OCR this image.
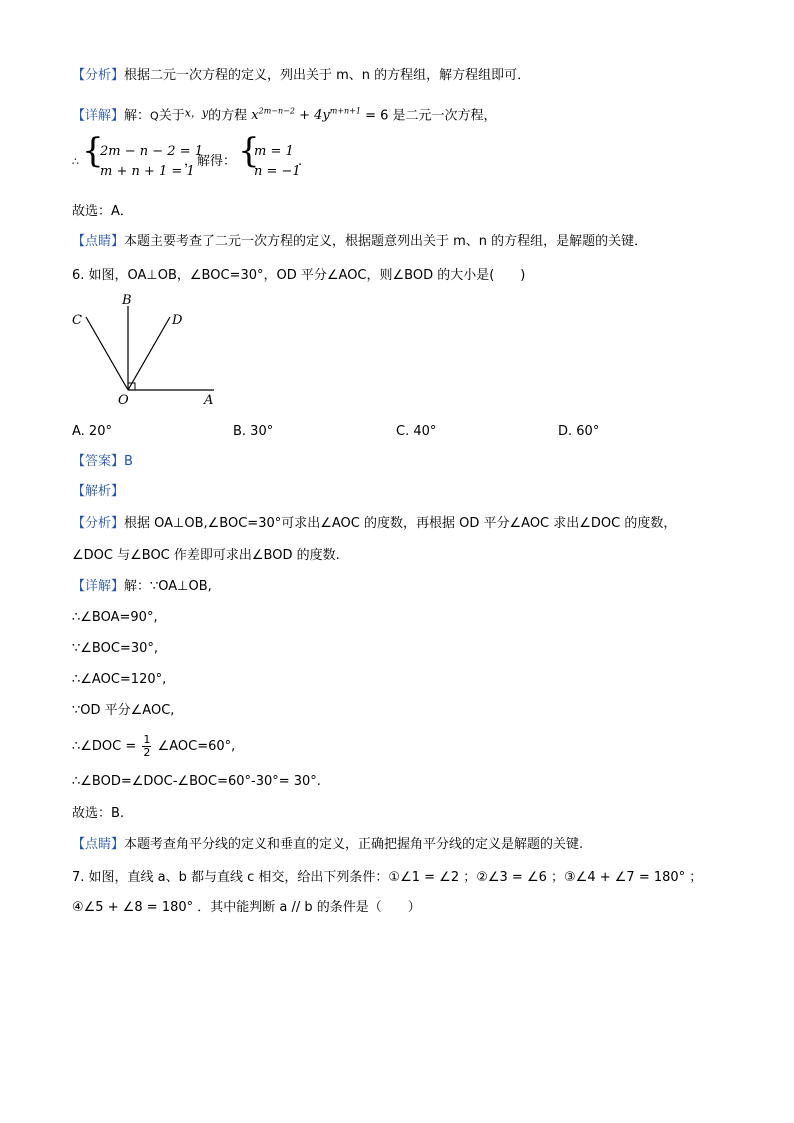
【分析】根据二元一次方程的定义，列出关于 m、n 的方程组，解方程组即可．
【详解】解：Q关于$^{x,y}$的方程 $x^{2m-n-2} + 4y^{m+n+1} = 6$ 是二元一次方程，
∴ {
2m − n − 2 = 1
m + n + 1 = 1
，解得： {
m = 1
n = −1
.
故选：A．
【点睛】本题主要考查了二元一次方程的定义，根据题意列出关于 m、n 的方程组，是解题的关键．
6. 如图，OA⊥OB，∠BOC=30°，OD 平分∠AOC，则∠BOD 的大小是(　　)
B
C	D
O	A
A. 20°	B. 30°	C. 40°	D. 60°
【答案】B
【解析】
【分析】根据 OA⊥OB,∠BOC=30°可求出∠AOC 的度数，再根据 OD 平分∠AOC 求出∠DOC 的度数，
∠DOC 与∠BOC 作差即可求出∠BOD 的度数.
【详解】解：∵OA⊥OB,
∴∠BOA=90°,
∵∠BOC=30°,
∴∠AOC=120°,
∵OD 平分∠AOC,
∴∠DOC = $\frac{1}{2}$ ∠AOC=60°,
∴∠BOD=∠DOC-∠BOC=60°-30°= 30°.
故选：B.
【点睛】本题考查角平分线的定义和垂直的定义，正确把握角平分线的定义是解题的关键.
7. 如图，直线 a、b 都与直线 c 相交，给出下列条件：①∠1 = ∠2 ；②∠3 = ∠6 ；③∠4 + ∠7 = 180° ；
④∠5 + ∠8 = 180° ．其中能判断 a // b 的条件是（　　）
